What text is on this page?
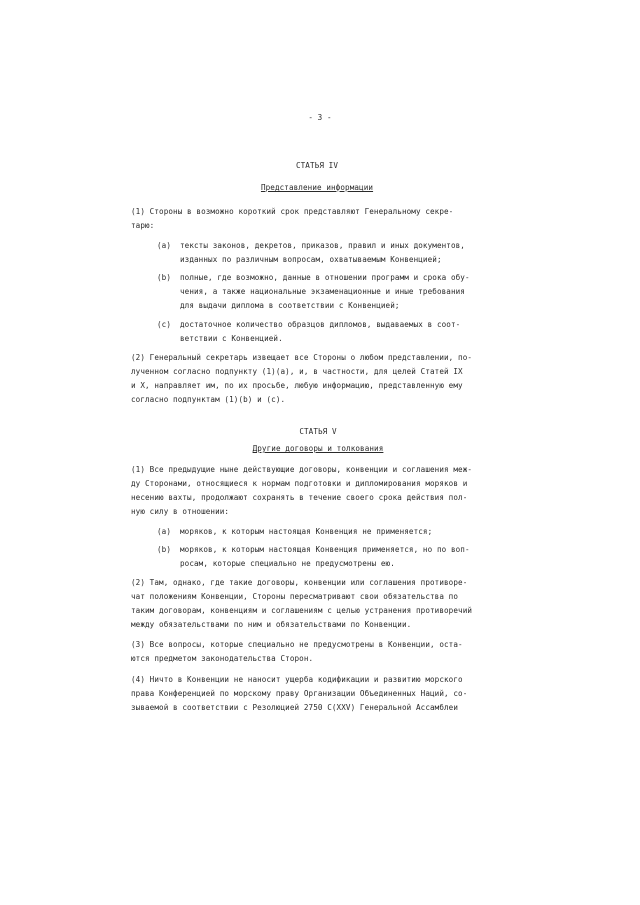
- 3 -
СТАТЬЯ IV
Представление информации
(1) Стороны в возможно короткий срок представляют Генеральному секре-
тарю:
(a) тексты законов, декретов, приказов, правил и иных документов,
изданных по различным вопросам, охватываемым Конвенцией;
(b) полные, где возможно, данные в отношении программ и срока обу-
чения, а также национальные экзаменационные и иные требования
для выдачи диплома в соответствии с Конвенцией;
(c) достаточное количество образцов дипломов, выдаваемых в соот-
ветствии с Конвенцией.
(2) Генеральный секретарь извещает все Стороны о любом представлении, по-
лученном согласно подпункту (1)(а), и, в частности, для целей Статей IX
и X, направляет им, по их просьбе, любую информацию, представленную ему
согласно подпунктам (1)(b) и (c).
СТАТЬЯ V
Другие договоры и толкования
(1) Все предыдущие ныне действующие договоры, конвенции и соглашения меж-
ду Сторонами, относящиеся к нормам подготовки и дипломирования моряков и
несению вахты, продолжают сохранять в течение своего срока действия пол-
ную силу в отношении:
(a) моряков, к которым настоящая Конвенция не применяется;
(b) моряков, к которым настоящая Конвенция применяется, но по воп-
росам, которые специально не предусмотрены ею.
(2) Там, однако, где такие договоры, конвенции или соглашения противоре-
чат положениям Конвенции, Стороны пересматривают свои обязательства по
таким договорам, конвенциям и соглашениям с целью устранения противоречий
между обязательствами по ним и обязательствами по Конвенции.
(3) Все вопросы, которые специально не предусмотрены в Конвенции, оста-
ются предметом законодательства Сторон.
(4) Ничто в Конвенции не наносит ущерба кодификации и развитию морского
права Конференцией по морскому праву Организации Объединенных Наций, со-
зываемой в соответствии с Резолюцией 2750 C(XXV) Генеральной Ассамблеи
